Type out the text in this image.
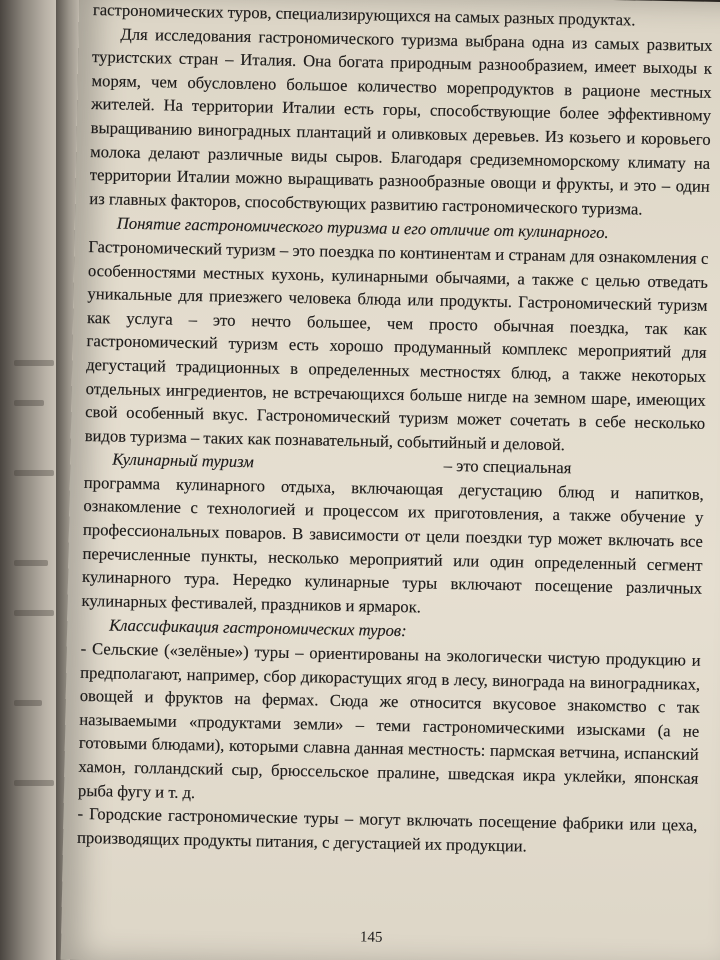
гастрономических туров, специализирующихся на самых разных продуктах.

Для исследования гастрономического туризма выбрана одна из самых развитых туристских стран – Италия. Она богата природным разнообразием, имеет выходы к морям, чем обусловлено большое количество морепродуктов в рационе местных жителей. На территории Италии есть горы, способствующие более эффективному выращиванию виноградных плантаций и оливковых деревьев. Из козьего и коровьего молока делают различные виды сыров. Благодаря средиземноморскому климату на территории Италии можно выращивать разнообразные овощи и фрукты, и это – один из главных факторов, способствующих развитию гастрономического туризма.

Понятие гастрономического туризма и его отличие от кулинарного.

Гастрономический туризм – это поездка по континентам и странам для ознакомления с особенностями местных кухонь, кулинарными обычаями, а также с целью отведать уникальные для приезжего человека блюда или продукты. Гастрономический туризм как услуга – это нечто большее, чем просто обычная поездка, так как гастрономический туризм есть хорошо продуманный комплекс мероприятий для дегустаций традиционных в определенных местностях блюд, а также некоторых отдельных ингредиентов, не встречающихся больше нигде на земном шаре, имеющих свой особенный вкус. Гастрономический туризм может сочетать в себе несколько видов туризма – таких как познавательный, событийный и деловой.

Кулинарный туризм	– это специальная

программа кулинарного отдыха, включающая дегустацию блюд и напитков, ознакомление с технологией и процессом их приготовления, а также обучение у профессиональных поваров. В зависимости от цели поездки тур может включать все перечисленные пункты, несколько мероприятий или один определенный сегмент кулинарного тура. Нередко кулинарные туры включают посещение различных кулинарных фестивалей, праздников и ярмарок.

Классификация гастрономических туров:

- Сельские («зелёные») туры – ориентированы на экологически чистую продукцию и предполагают, например, сбор дикорастущих ягод в лесу, винограда на виноградниках, овощей и фруктов на фермах. Сюда же относится вкусовое знакомство с так называемыми «продуктами земли» – теми гастрономическими изысками (а не готовыми блюдами), которыми славна данная местность: пармская ветчина, испанский хамон, голландский сыр, брюссельское пралине, шведская икра уклейки, японская рыба фугу и т. д.

- Городские гастрономические туры – могут включать посещение фабрики или цеха, производящих продукты питания, с дегустацией их продукции.

145
